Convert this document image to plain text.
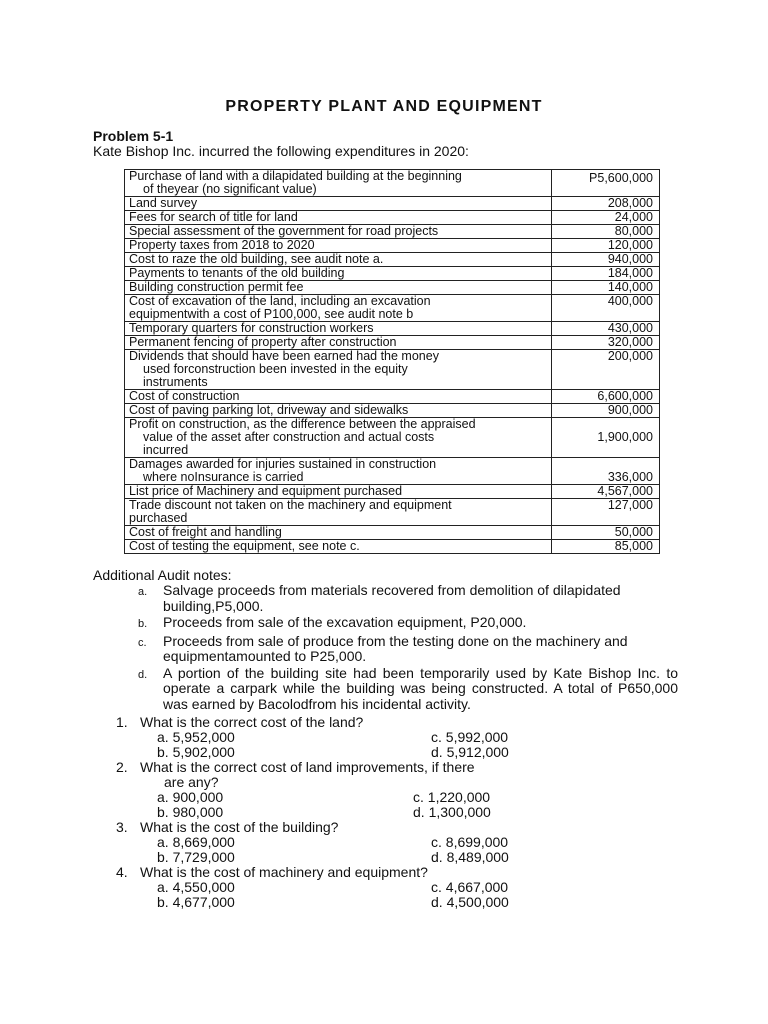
PROPERTY PLANT AND EQUIPMENT
Problem 5-1
Kate Bishop Inc. incurred the following expenditures in 2020:
Purchase of land with a dilapidated building at the beginning
of theyear (no significant value)	P5,600,000

Land survey	208,000

Fees for search of title for land	24,000

Special assessment of the government for road projects	80,000

Property taxes from 2018 to 2020	120,000

Cost to raze the old building, see audit note a.	940,000

Payments to tenants of the old building	184,000

Building construction permit fee	140,000

Cost of excavation of the land, including an excavation
equipmentwith a cost of P100,000, see audit note b	400,000

Temporary quarters for construction workers	430,000

Permanent fencing of property after construction	320,000

Dividends that should have been earned had the money
used forconstruction been invested in the equity
instruments	200,000

Cost of construction	6,600,000

Cost of paving parking lot, driveway and sidewalks	900,000

Profit on construction, as the difference between the appraised
value of the asset after construction and actual costs
incurred	1,900,000

Damages awarded for injuries sustained in construction
where noInsurance is carried	336,000

List price of Machinery and equipment purchased	4,567,000

Trade discount not taken on the machinery and equipment
purchased	127,000

Cost of freight and handling	50,000

Cost of testing the equipment, see note c.	85,000
Additional Audit notes:
a.	Salvage proceeds from materials recovered from demolition of dilapidated building,P5,000.
b.	Proceeds from sale of the excavation equipment, P20,000.
c.	Proceeds from sale of produce from the testing done on the machinery and equipmentamounted to P25,000.
d.	A portion of the building site had been temporarily used by Kate Bishop Inc. to operate a carpark while the building was being constructed. A total of P650,000 was earned by Bacolodfrom his incidental activity.
1. What is the correct cost of the land?
a. 5,952,000	c. 5,992,000
b. 5,902,000	d. 5,912,000
2. What is the correct cost of land improvements, if there
are any?
a. 900,000	c. 1,220,000
b. 980,000	d. 1,300,000
3. What is the cost of the building?
a. 8,669,000	c. 8,699,000
b. 7,729,000	d. 8,489,000
4. What is the cost of machinery and equipment?
a. 4,550,000	c. 4,667,000
b. 4,677,000	d. 4,500,000
